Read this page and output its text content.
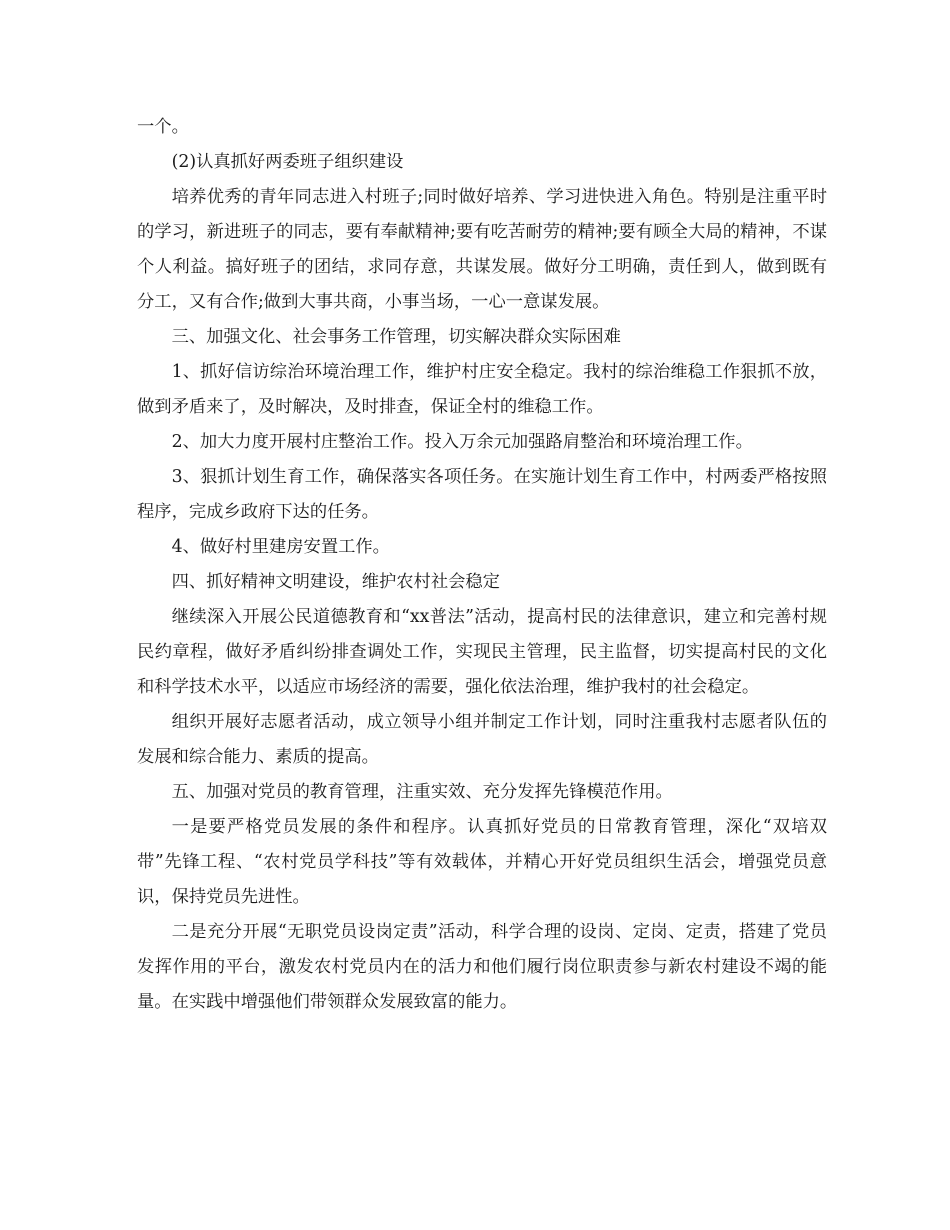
一个。

(2)认真抓好两委班子组织建设

培养优秀的青年同志进入村班子;同时做好培养、学习进快进入角色。特别是注重平时的学习，新进班子的同志，要有奉献精神;要有吃苦耐劳的精神;要有顾全大局的精神，不谋个人利益。搞好班子的团结，求同存意，共谋发展。做好分工明确，责任到人，做到既有分工，又有合作;做到大事共商，小事当场，一心一意谋发展。

三、加强文化、社会事务工作管理，切实解决群众实际困难

1、抓好信访综治环境治理工作，维护村庄安全稳定。我村的综治维稳工作狠抓不放，做到矛盾来了，及时解决，及时排查，保证全村的维稳工作。

2、加大力度开展村庄整治工作。投入万余元加强路肩整治和环境治理工作。

3、狠抓计划生育工作，确保落实各项任务。在实施计划生育工作中，村两委严格按照程序，完成乡政府下达的任务。

4、做好村里建房安置工作。

四、抓好精神文明建设，维护农村社会稳定

继续深入开展公民道德教育和“xx普法”活动，提高村民的法律意识，建立和完善村规民约章程，做好矛盾纠纷排查调处工作，实现民主管理，民主监督，切实提高村民的文化和科学技术水平，以适应市场经济的需要，强化依法治理，维护我村的社会稳定。

组织开展好志愿者活动，成立领导小组并制定工作计划，同时注重我村志愿者队伍的发展和综合能力、素质的提高。

五、加强对党员的教育管理，注重实效、充分发挥先锋模范作用。

一是要严格党员发展的条件和程序。认真抓好党员的日常教育管理，深化“双培双带”先锋工程、“农村党员学科技”等有效载体，并精心开好党员组织生活会，增强党员意识，保持党员先进性。

二是充分开展“无职党员设岗定责”活动，科学合理的设岗、定岗、定责，搭建了党员发挥作用的平台，激发农村党员内在的活力和他们履行岗位职责参与新农村建设不竭的能量。在实践中增强他们带领群众发展致富的能力。
